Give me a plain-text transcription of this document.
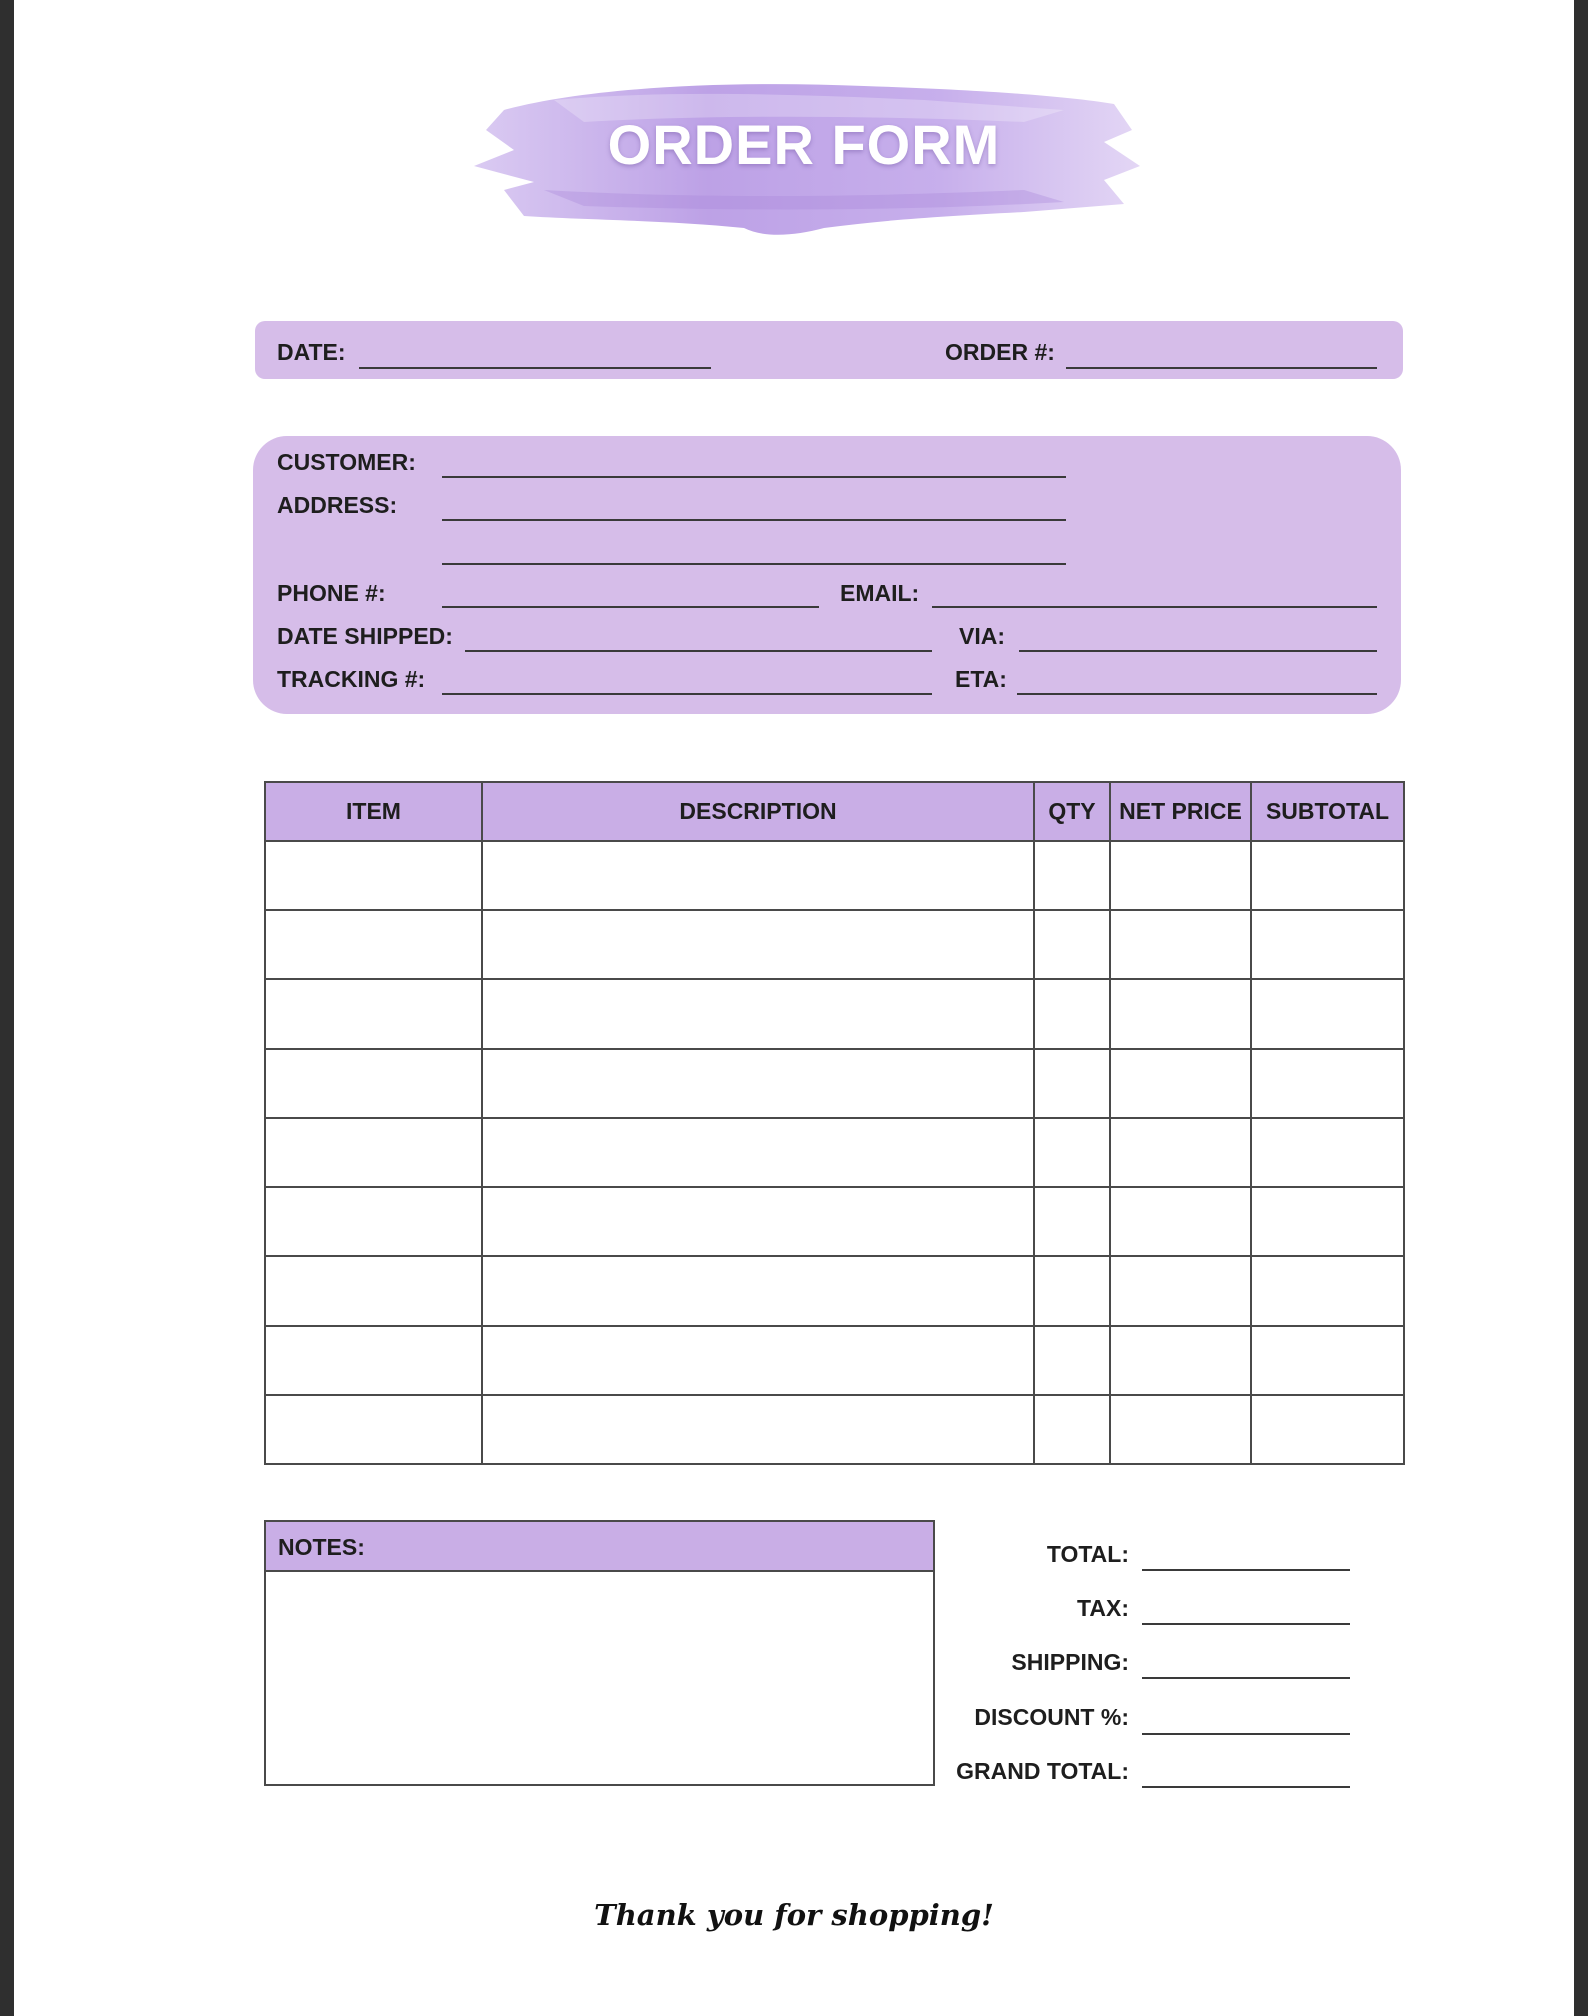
ORDER FORM
DATE:	ORDER #:
CUSTOMER:
ADDRESS:
PHONE #:	EMAIL:
DATE SHIPPED:	VIA:
TRACKING #:	ETA:
ITEM	DESCRIPTION	QTY	NET PRICE	SUBTOTAL

NOTES:	TOTAL:
TAX:
SHIPPING:
DISCOUNT %:
GRAND TOTAL:
Thank you for shopping!
